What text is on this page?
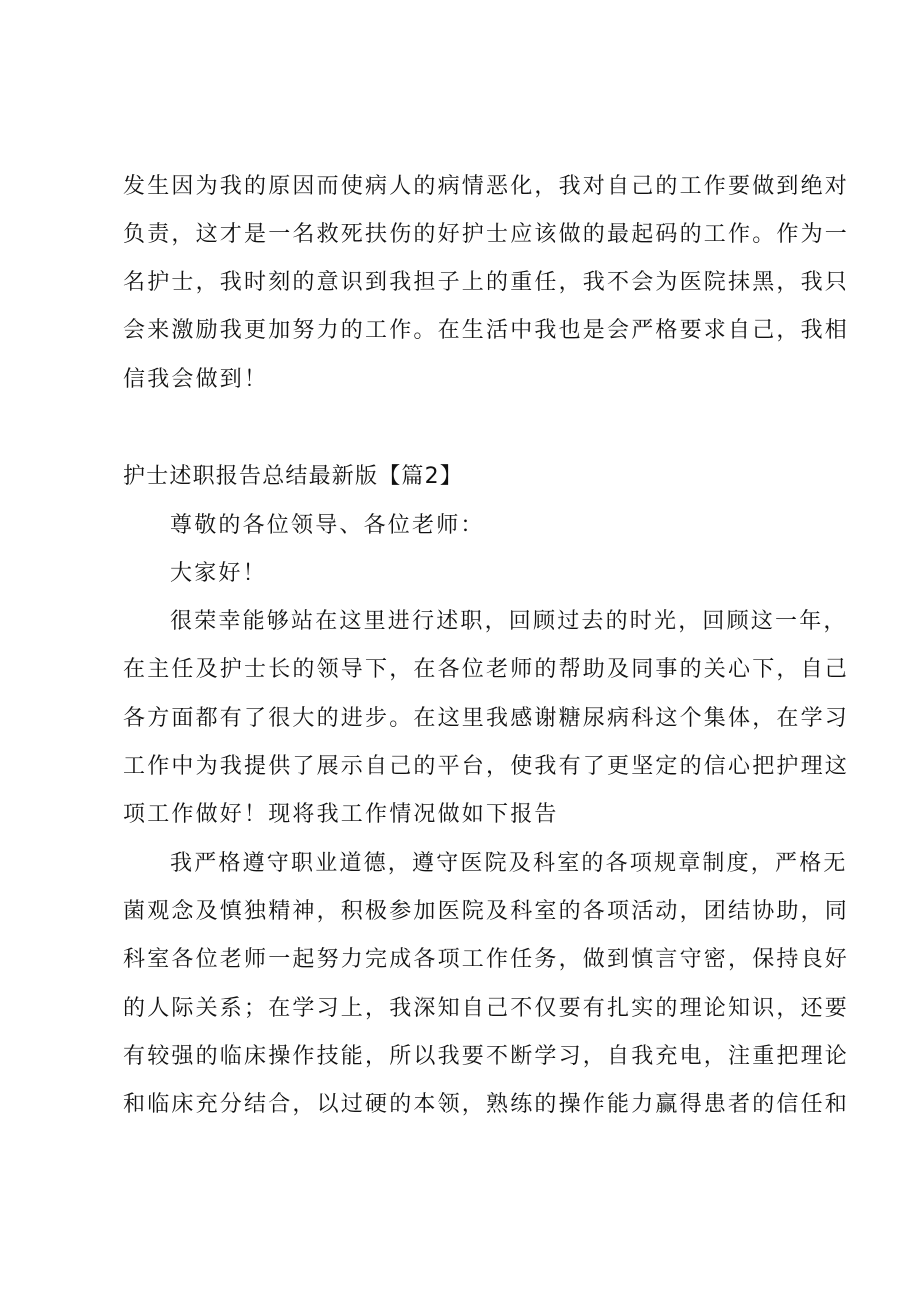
发生因为我的原因而使病人的病情恶化，我对自己的工作要做到绝对
负责，这才是一名救死扶伤的好护士应该做的最起码的工作。作为一
名护士，我时刻的意识到我担子上的重任，我不会为医院抹黑，我只
会来激励我更加努力的工作。在生活中我也是会严格要求自己，我相
信我会做到！
护士述职报告总结最新版【篇2】
尊敬的各位领导、各位老师：
大家好！
很荣幸能够站在这里进行述职，回顾过去的时光，回顾这一年，
在主任及护士长的领导下，在各位老师的帮助及同事的关心下，自己
各方面都有了很大的进步。在这里我感谢糖尿病科这个集体，在学习
工作中为我提供了展示自己的平台，使我有了更坚定的信心把护理这
项工作做好！现将我工作情况做如下报告
我严格遵守职业道德，遵守医院及科室的各项规章制度，严格无
菌观念及慎独精神，积极参加医院及科室的各项活动，团结协助，同
科室各位老师一起努力完成各项工作任务，做到慎言守密，保持良好
的人际关系；在学习上，我深知自己不仅要有扎实的理论知识，还要
有较强的临床操作技能，所以我要不断学习，自我充电，注重把理论
和临床充分结合，以过硬的本领，熟练的操作能力赢得患者的信任和
